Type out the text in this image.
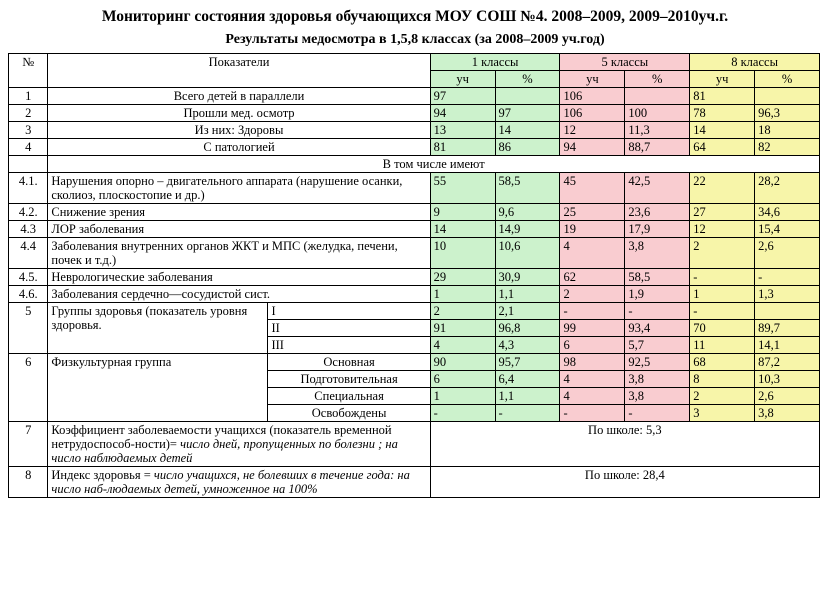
Мониторинг состояния здоровья обучающихся МОУ СОШ №4. 2008–2009, 2009–2010уч.г.
Результаты медосмотра в 1,5,8 классах (за 2008–2009 уч.год)
№	Показатели		1 классы		5 классы		8 классы	
			уч	%	уч	%	уч	%
1	Всего детей в параллели		97		106		81	
2	Прошли мед. осмотр		94	97	106	100	78	96,3
3	Из них: Здоровы		13	14	12	11,3	14	18
4	С патологией		81	86	94	88,7	64	82
	В том числе имеют							
4.1.	Нарушения опорно – двигательного аппарата (нарушение осанки, сколиоз, плоскостопие и др.)		55	58,5	45	42,5	22	28,2
4.2.	Снижение зрения		9	9,6	25	23,6	27	34,6
4.3	ЛОР заболевания		14	14,9	19	17,9	12	15,4
4.4	Заболевания внутренних органов ЖКТ и МПС (желудка, печени, почек и т.д.)		10	10,6	4	3,8	2	2,6
4.5.	Неврологические заболевания		29	30,9	62	58,5	-	-
4.6.	Заболевания сердечно—сосудистой сист.		1	1,1	2	1,9	1	1,3
5	Группы здоровья (показатель уровня здоровья.	I	2	2,1	-	-	-	
		II	91	96,8	99	93,4	70	89,7
		III	4	4,3	6	5,7	11	14,1
6	Физкультурная группа	Основная	90	95,7	98	92,5	68	87,2
		Подготовительная	6	6,4	4	3,8	8	10,3
		Специальная	1	1,1	4	3,8	2	2,6
		Освобождены	-	-	-	-	3	3,8
7	Коэффициент заболеваемости учащихся (показатель временной нетрудоспособ-ности)= число дней, пропущенных по болезни ; на число наблюдаемых детей		По школе: 5,3					
8	Индекс здоровья = число учащихся, не болевших в течение года: на число наб-людаемых детей, умноженное на 100%		По школе: 28,4					
